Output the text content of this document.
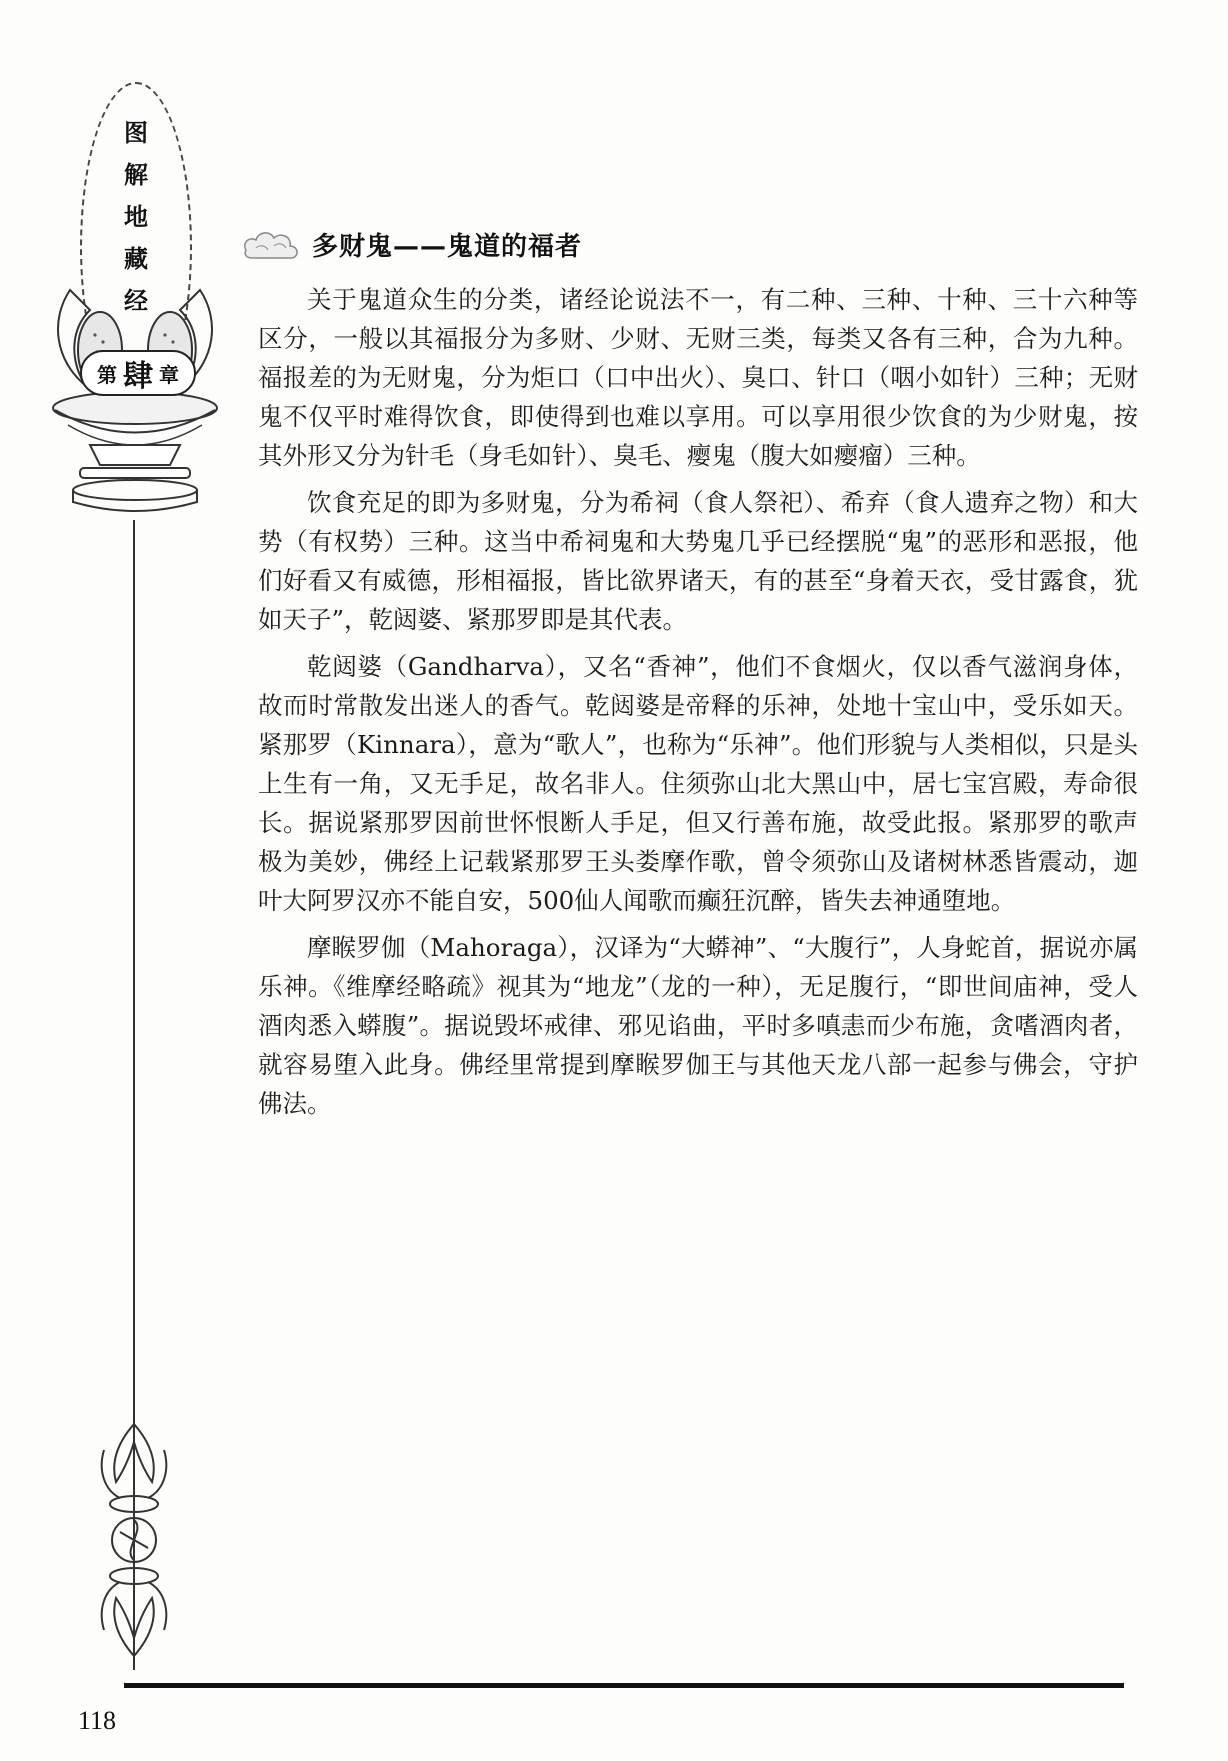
图
解
地
藏
经
第 肆 章
多财鬼——鬼道的福者

关于鬼道众生的分类，诸经论说法不一，有二种、三种、十种、三十六种等区分，一般以其福报分为多财、少财、无财三类，每类又各有三种，合为九种。福报差的为无财鬼，分为炬口（口中出火）、臭口、针口（咽小如针）三种；无财鬼不仅平时难得饮食，即使得到也难以享用。可以享用很少饮食的为少财鬼，按其外形又分为针毛（身毛如针）、臭毛、瘿鬼（腹大如瘿瘤）三种。

饮食充足的即为多财鬼，分为希祠（食人祭祀）、希弃（食人遗弃之物）和大势（有权势）三种。这当中希祠鬼和大势鬼几乎已经摆脱“鬼”的恶形和恶报，他们好看又有威德，形相福报，皆比欲界诸天，有的甚至“身着天衣，受甘露食，犹如天子”，乾闼婆、紧那罗即是其代表。

乾闼婆（Gandharva），又名“香神”，他们不食烟火，仅以香气滋润身体，故而时常散发出迷人的香气。乾闼婆是帝释的乐神，处地十宝山中，受乐如天。紧那罗（Kinnara），意为“歌人”，也称为“乐神”。他们形貌与人类相似，只是头上生有一角，又无手足，故名非人。住须弥山北大黑山中，居七宝宫殿，寿命很长。据说紧那罗因前世怀恨断人手足，但又行善布施，故受此报。紧那罗的歌声极为美妙，佛经上记载紧那罗王头娄摩作歌，曾令须弥山及诸树林悉皆震动，迦叶大阿罗汉亦不能自安，500仙人闻歌而癫狂沉醉，皆失去神通堕地。

摩睺罗伽（Mahoraga），汉译为“大蟒神”、“大腹行”，人身蛇首，据说亦属乐神。《维摩经略疏》视其为“地龙”（龙的一种），无足腹行，“即世间庙神，受人酒肉悉入蟒腹”。据说毁坏戒律、邪见谄曲，平时多嗔恚而少布施，贪嗜酒肉者，就容易堕入此身。佛经里常提到摩睺罗伽王与其他天龙八部一起参与佛会，守护佛法。

118
